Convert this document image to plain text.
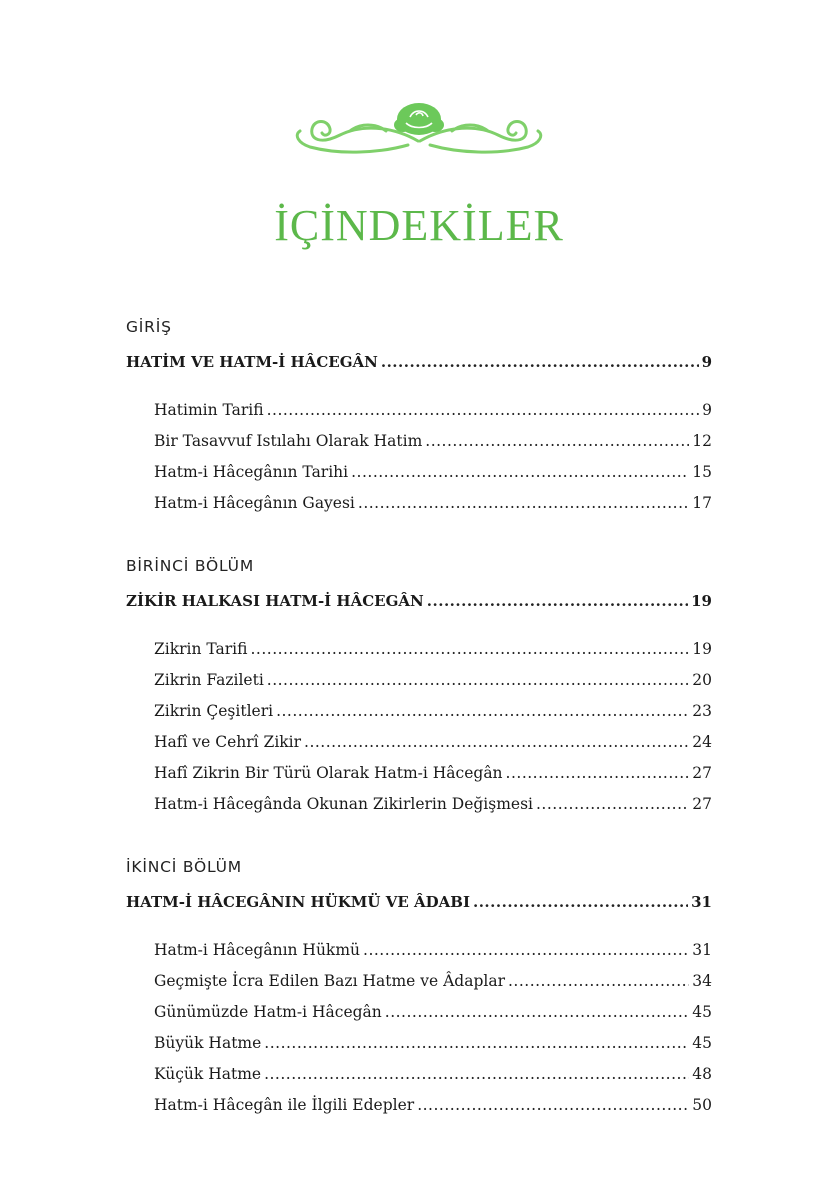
İÇİNDEKİLER
GİRİŞ
HATİM VE HATM-İ HÂCEGÂN .....	9
Hatimin Tarifi .....	9
Bir Tasavvuf Istılahı Olarak Hatim .....	12
Hatm-i Hâcegânın Tarihi .....	15
Hatm-i Hâcegânın Gayesi .....	17
BİRİNCİ BÖLÜM
ZİKİR HALKASI HATM-İ HÂCEGÂN .....	19
Zikrin Tarifi .....	19
Zikrin Fazileti .....	20
Zikrin Çeşitleri .....	23
Hafî ve Cehrî Zikir .....	24
Hafî Zikrin Bir Türü Olarak Hatm-i Hâcegân .....	27
Hatm-i Hâcegânda Okunan Zikirlerin Değişmesi .....	27
İKİNCİ BÖLÜM
HATM-İ HÂCEGÂNIN HÜKMÜ VE ÂDABI .....	31
Hatm-i Hâcegânın Hükmü .....	31
Geçmişte İcra Edilen Bazı Hatme ve Âdaplar .....	34
Günümüzde Hatm-i Hâcegân .....	45
Büyük Hatme .....	45
Küçük Hatme .....	48
Hatm-i Hâcegân ile İlgili Edepler .....	50
